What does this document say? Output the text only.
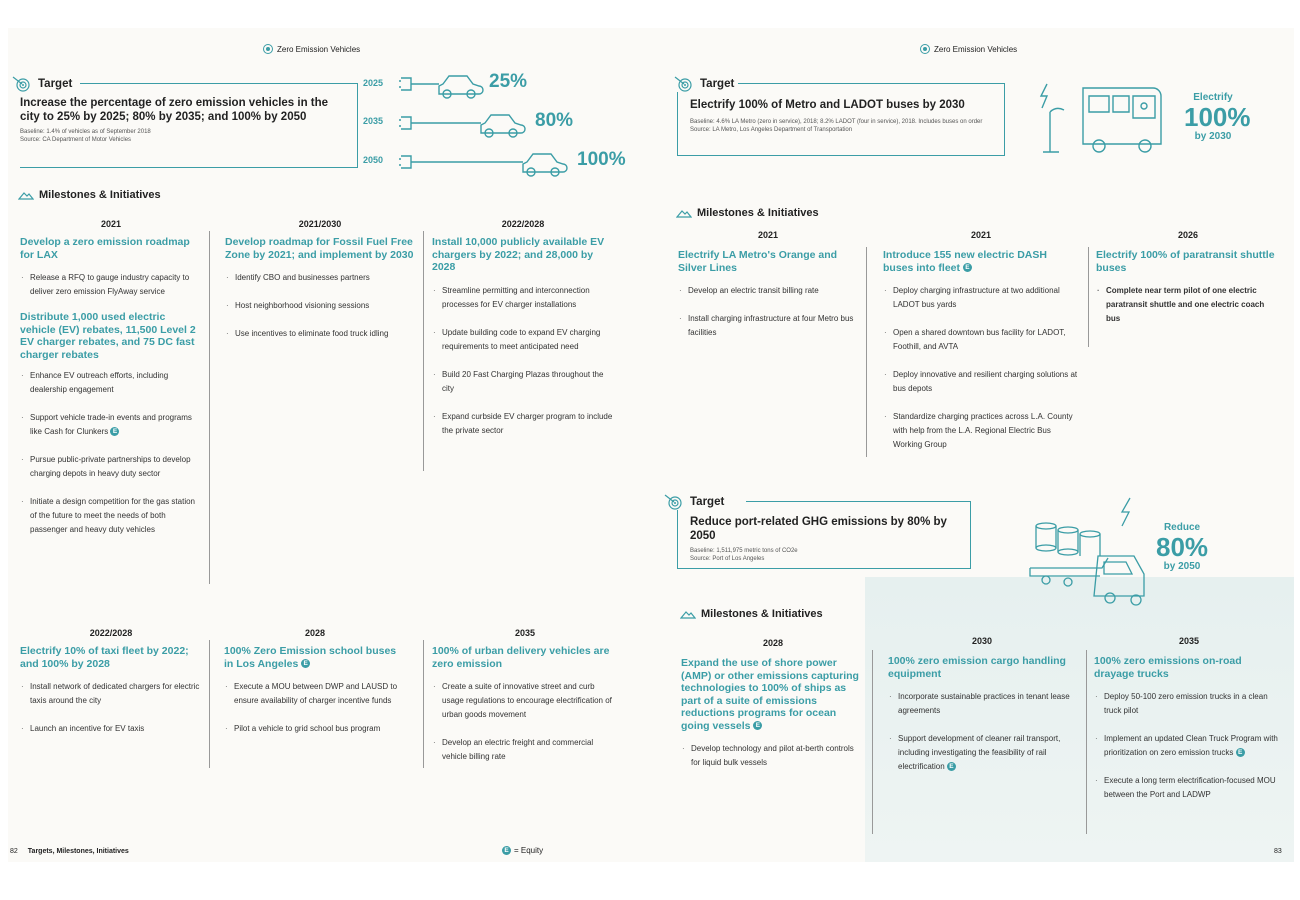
Zero Emission Vehicles
Target
Increase the percentage of zero emission vehicles in the city to 25% by 2025; 80% by 2035; and 100% by 2050
Baseline: 1.4% of vehicles as of September 2018
Source: CA Department of Motor Vehicles
2025
2035
2050
25%
80%
100%
Milestones & Initiatives
2021
Develop a zero emission roadmap for LAX
· Release a RFQ to gauge industry capacity to deliver zero emission FlyAway service
Distribute 1,000 used electric vehicle (EV) rebates, 11,500 Level 2 EV charger rebates, and 75 DC fast charger rebates
· Enhance EV outreach efforts, including dealership engagement
· Support vehicle trade-in events and programs like Cash for Clunkers E
· Pursue public-private partnerships to develop charging depots in heavy duty sector
· Initiate a design competition for the gas station of the future to meet the needs of both passenger and heavy duty vehicles
2021/2030
Develop roadmap for Fossil Fuel Free Zone by 2021; and implement by 2030
· Identify CBO and businesses partners
· Host neighborhood visioning sessions
· Use incentives to eliminate food truck idling
2022/2028
Install 10,000 publicly available EV chargers by 2022; and 28,000 by 2028
· Streamline permitting and interconnection processes for EV charger installations
· Update building code to expand EV charging requirements to meet anticipated need
· Build 20 Fast Charging Plazas throughout the city
· Expand curbside EV charger program to include the private sector
2022/2028
Electrify 10% of taxi fleet by 2022; and 100% by 2028
· Install network of dedicated chargers for electric taxis around the city
· Launch an incentive for EV taxis
2028
100% Zero Emission school buses in Los Angeles E
· Execute a MOU between DWP and LAUSD to ensure availability of charger incentive funds
· Pilot a vehicle to grid school bus program
2035
100% of urban delivery vehicles are zero emission
· Create a suite of innovative street and curb usage regulations to encourage electrification of urban goods movement
· Develop an electric freight and commercial vehicle billing rate
82 Targets, Milestones, Initiatives	E = Equity
Zero Emission Vehicles
Target
Electrify 100% of Metro and LADOT buses by 2030
Baseline: 4.6% LA Metro (zero in service), 2018; 8.2% LADOT (four in service), 2018. Includes buses on order
Source: LA Metro, Los Angeles Department of Transportation
Electrify
100%
by 2030
Milestones & Initiatives
2021
Electrify LA Metro's Orange and Silver Lines
· Develop an electric transit billing rate
· Install charging infrastructure at four Metro bus facilities
2021
Introduce 155 new electric DASH buses into fleet E
· Deploy charging infrastructure at two additional LADOT bus yards
· Open a shared downtown bus facility for LADOT, Foothill, and AVTA
· Deploy innovative and resilient charging solutions at bus depots
· Standardize charging practices across L.A. County with help from the L.A. Regional Electric Bus Working Group
2026
Electrify 100% of paratransit shuttle buses
· Complete near term pilot of one electric paratransit shuttle and one electric coach bus
Target
Reduce port-related GHG emissions by 80% by 2050
Baseline: 1,511,975 metric tons of CO2e
Source: Port of Los Angeles
Reduce
80%
by 2050
Milestones & Initiatives
2028
Expand the use of shore power (AMP) or other emissions capturing technologies to 100% of ships as part of a suite of emissions reductions programs for ocean going vessels E
· Develop technology and pilot at-berth controls for liquid bulk vessels
2030
100% zero emission cargo handling equipment
· Incorporate sustainable practices in tenant lease agreements
· Support development of cleaner rail transport, including investigating the feasibility of rail electrification E
2035
100% zero emissions on-road drayage trucks
· Deploy 50-100 zero emission trucks in a clean truck pilot
· Implement an updated Clean Truck Program with prioritization on zero emission trucks E
· Execute a long term electrification-focused MOU between the Port and LADWP
83
